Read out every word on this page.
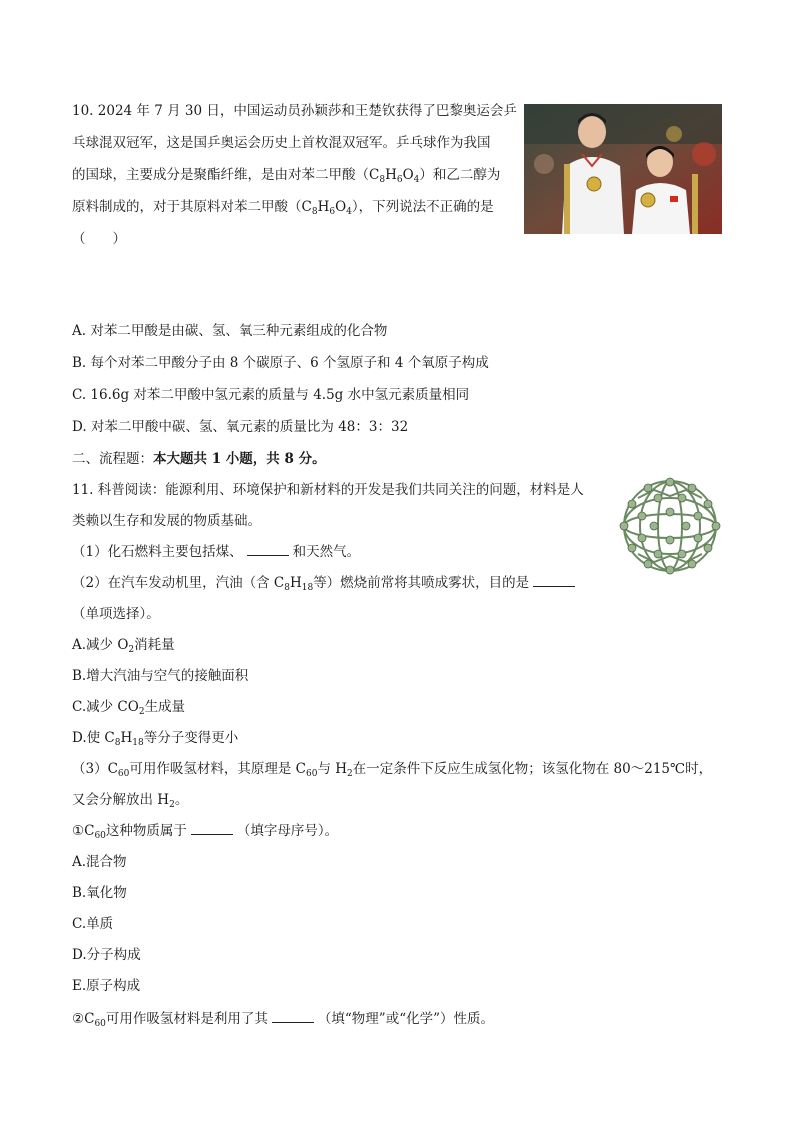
10. 2024 年 7 月 30 日，中国运动员孙颖莎和王楚钦获得了巴黎奥运会乒
乓球混双冠军，这是国乒奥运会历史上首枚混双冠军。乒乓球作为我国
的国球，主要成分是聚酯纤维，是由对苯二甲酸$(C_8H_6O_4)$和乙二醇为
原料制成的，对于其原料对苯二甲酸$(C_8H_6O_4)$，下列说法不正确的是
（　　）
A. 对苯二甲酸是由碳、氢、氧三种元素组成的化合物
B. 每个对苯二甲酸分子由 8 个碳原子、6 个氢原子和 4 个氧原子构成
C. 16.6g 对苯二甲酸中氢元素的质量与 4.5g 水中氢元素质量相同
D. 对苯二甲酸中碳、氢、氧元素的质量比为 48：3：32
二、流程题：本大题共 1 小题，共 8 分。
11. 科普阅读：能源利用、环境保护和新材料的开发是我们共同关注的问题，材料是人
类赖以生存和发展的物质基础。
（1）化石燃料主要包括煤、	和天然气。
（2）在汽车发动机里，汽油（含 $C_8H_{18}$等）燃烧前常将其喷成雾状，目的是
（单项选择）。
A.减少 $O_2$消耗量
B.增大汽油与空气的接触面积
C.减少 $CO_2$生成量
D.使 $C_8H_{18}$等分子变得更小
$(3)C_{60}$可用作吸氢材料，其原理是 $C_{60}$与 $H_2$在一定条件下反应生成氢化物；该氢化物在 80～215℃时，
又会分解放出 $H_2$。
$①C_{60}$这种物质属于	（填字母序号）。
A.混合物
B.氧化物
C.单质
D.分子构成
E.原子构成
$②C_{60}$可用作吸氢材料是利用了其	（填“物理”或“化学”）性质。
